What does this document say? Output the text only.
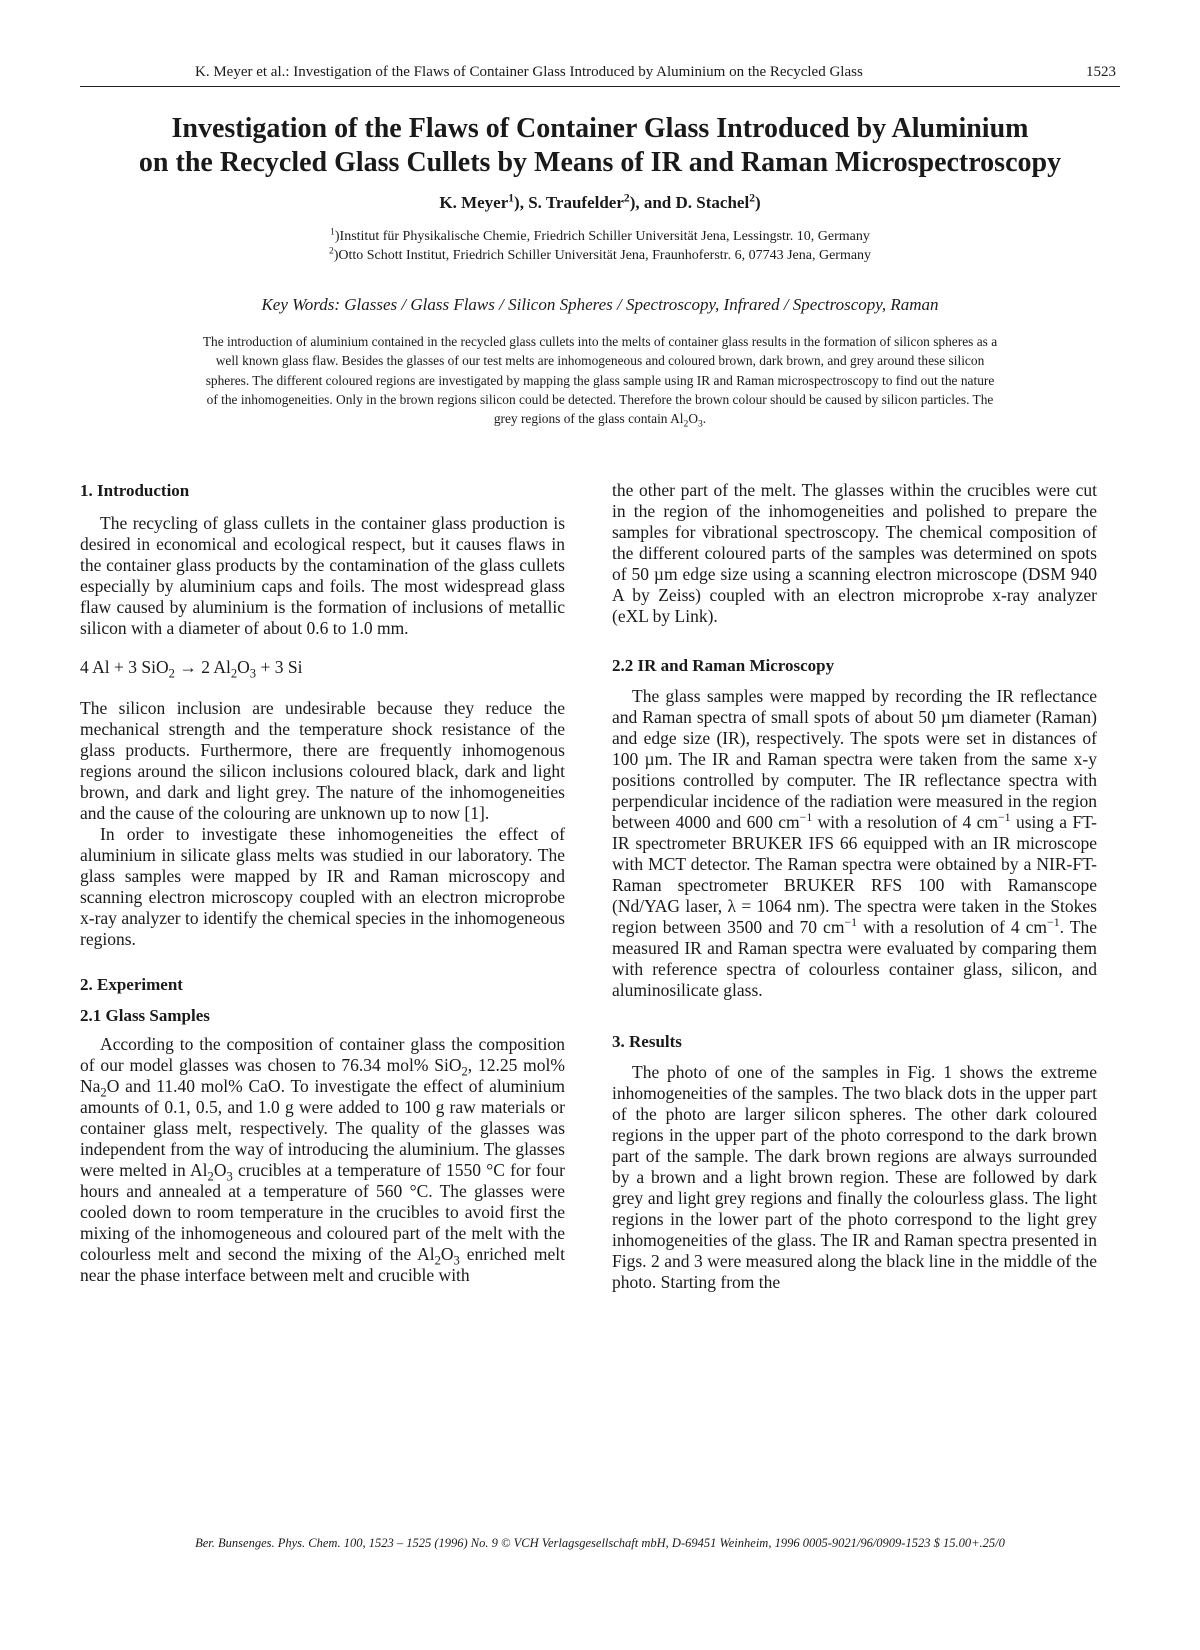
K. Meyer et al.: Investigation of the Flaws of Container Glass Introduced by Aluminium on the Recycled Glass	1523
Investigation of the Flaws of Container Glass Introduced by Aluminium
on the Recycled Glass Cullets by Means of IR and Raman Microspectroscopy
K. Meyer$^1$), S. Traufelder$^2$), and D. Stachel$^2$)
$^1$)Institut für Physikalische Chemie, Friedrich Schiller Universität Jena, Lessingstr. 10, Germany
$^2$)Otto Schott Institut, Friedrich Schiller Universität Jena, Fraunhoferstr. 6, 07743 Jena, Germany
Key Words: Glasses / Glass Flaws / Silicon Spheres / Spectroscopy, Infrared / Spectroscopy, Raman
The introduction of aluminium contained in the recycled glass cullets into the melts of container glass results in the formation of silicon spheres as a well known glass flaw. Besides the glasses of our test melts are inhomogeneous and coloured brown, dark brown, and grey around these silicon spheres. The different coloured regions are investigated by mapping the glass sample using IR and Raman microspectroscopy to find out the nature of the inhomogeneities. Only in the brown regions silicon could be detected. Therefore the brown colour should be caused by silicon particles. The grey regions of the glass contain $Al_2O_3$.
1. Introduction

The recycling of glass cullets in the container glass production is desired in economical and ecological respect, but it causes flaws in the container glass products by the contamination of the glass cullets especially by aluminium caps and foils. The most widespread glass flaw caused by aluminium is the formation of inclusions of metallic silicon with a diameter of about 0.6 to 1.0 mm.

4 Al + 3 SiO$_2$ → 2 $Al_2O_3 + 3$ Si

The silicon inclusion are undesirable because they reduce the mechanical strength and the temperature shock resistance of the glass products. Furthermore, there are frequently inhomogenous regions around the silicon inclusions coloured black, dark and light brown, and dark and light grey. The nature of the inhomogeneities and the cause of the colouring are unknown up to now [1].

In order to investigate these inhomogeneities the effect of aluminium in silicate glass melts was studied in our laboratory. The glass samples were mapped by IR and Raman microscopy and scanning electron microscopy coupled with an electron microprobe x-ray analyzer to identify the chemical species in the inhomogeneous regions.

2. Experiment
2.1 Glass Samples

According to the composition of container glass the composition of our model glasses was chosen to 76.34 mol% SiO$_2$, 12.25 mol% $Na_2O$ and 11.40 mol% CaO. To investigate the effect of aluminium amounts of 0.1, 0.5, and 1.0 g were added to 100 g raw materials or container glass melt, respectively. The quality of the glasses was independent from the way of introducing the aluminium. The glasses were melted in $Al_2O_3$ crucibles at a temperature of 1550 °C for four hours and annealed at a temperature of 560 °C. The glasses were cooled down to room temperature in the crucibles to avoid first the mixing of the inhomogeneous and coloured part of the melt with the colourless melt and second the mixing of the $Al_2O_3$ enriched melt near the phase interface between melt and crucible with

the other part of the melt. The glasses within the crucibles were cut in the region of the inhomogeneities and polished to prepare the samples for vibrational spectroscopy. The chemical composition of the different coloured parts of the samples was determined on spots of 50 µm edge size using a scanning electron microscope (DSM 940 A by Zeiss) coupled with an electron microprobe x-ray analyzer (eXL by Link).

2.2 IR and Raman Microscopy

The glass samples were mapped by recording the IR reflectance and Raman spectra of small spots of about 50 µm diameter (Raman) and edge size (IR), respectively. The spots were set in distances of 100 µm. The IR and Raman spectra were taken from the same x-y positions controlled by computer. The IR reflectance spectra with perpendicular incidence of the radiation were measured in the region between 4000 and 600 $cm^{-1}$ with a resolution of 4 $cm^{-1}$ using a FT-IR spectrometer BRUKER IFS 66 equipped with an IR microscope with MCT detector. The Raman spectra were obtained by a NIR-FT-Raman spectrometer BRUKER RFS 100 with Ramanscope (Nd/YAG laser, λ = 1064 nm). The spectra were taken in the Stokes region between 3500 and 70 $cm^{-1}$ with a resolution of 4 $cm^{-1}$. The measured IR and Raman spectra were evaluated by comparing them with reference spectra of colourless container glass, silicon, and aluminosilicate glass.

3. Results

The photo of one of the samples in Fig. 1 shows the extreme inhomogeneities of the samples. The two black dots in the upper part of the photo are larger silicon spheres. The other dark coloured regions in the upper part of the photo correspond to the dark brown part of the sample. The dark brown regions are always surrounded by a brown and a light brown region. These are followed by dark grey and light grey regions and finally the colourless glass. The light regions in the lower part of the photo correspond to the light grey inhomogeneities of the glass. The IR and Raman spectra presented in Figs. 2 and 3 were measured along the black line in the middle of the photo. Starting from the

Ber. Bunsenges. Phys. Chem. 100, 1523 – 1525 (1996) No. 9 © VCH Verlagsgesellschaft mbH, D-69451 Weinheim, 1996 0005-9021/96/0909-1523 $ 15.00+.25/0
